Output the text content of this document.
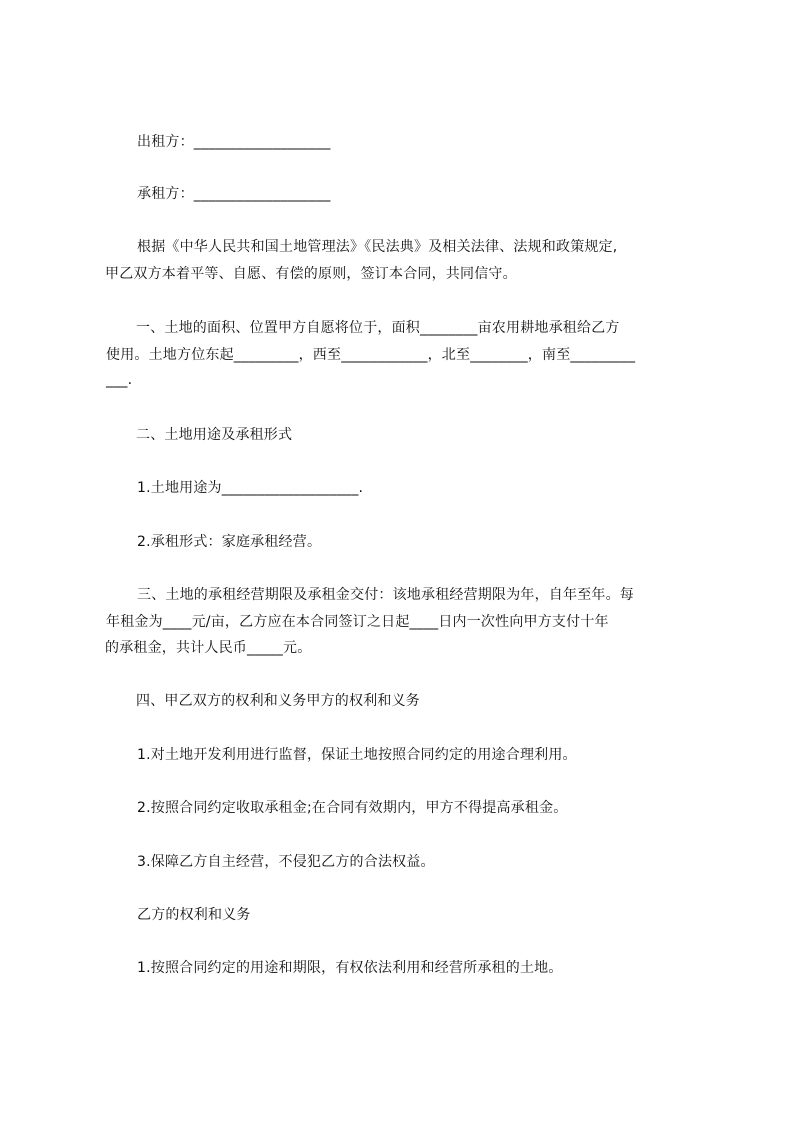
出租方：___________________
承租方：___________________
根据《中华人民共和国土地管理法》《民法典》及相关法律、法规和政策规定,
甲乙双方本着平等、自愿、有偿的原则，签订本合同，共同信守。
一、土地的面积、位置甲方自愿将位于，面积________亩农用耕地承租给乙方
使用。土地方位东起_________，西至____________，北至________，南至_________
___.
二、土地用途及承租形式
1.土地用途为___________________.
2.承租形式：家庭承租经营。
三、土地的承租经营期限及承租金交付：该地承租经营期限为年，自年至年。每
年租金为____元/亩，乙方应在本合同签订之日起____日内一次性向甲方支付十年
的承租金，共计人民币_____元。
四、甲乙双方的权利和义务甲方的权利和义务
1.对土地开发利用进行监督，保证土地按照合同约定的用途合理利用。
2.按照合同约定收取承租金;在合同有效期内，甲方不得提高承租金。
3.保障乙方自主经营，不侵犯乙方的合法权益。
乙方的权利和义务
1.按照合同约定的用途和期限，有权依法利用和经营所承租的土地。
